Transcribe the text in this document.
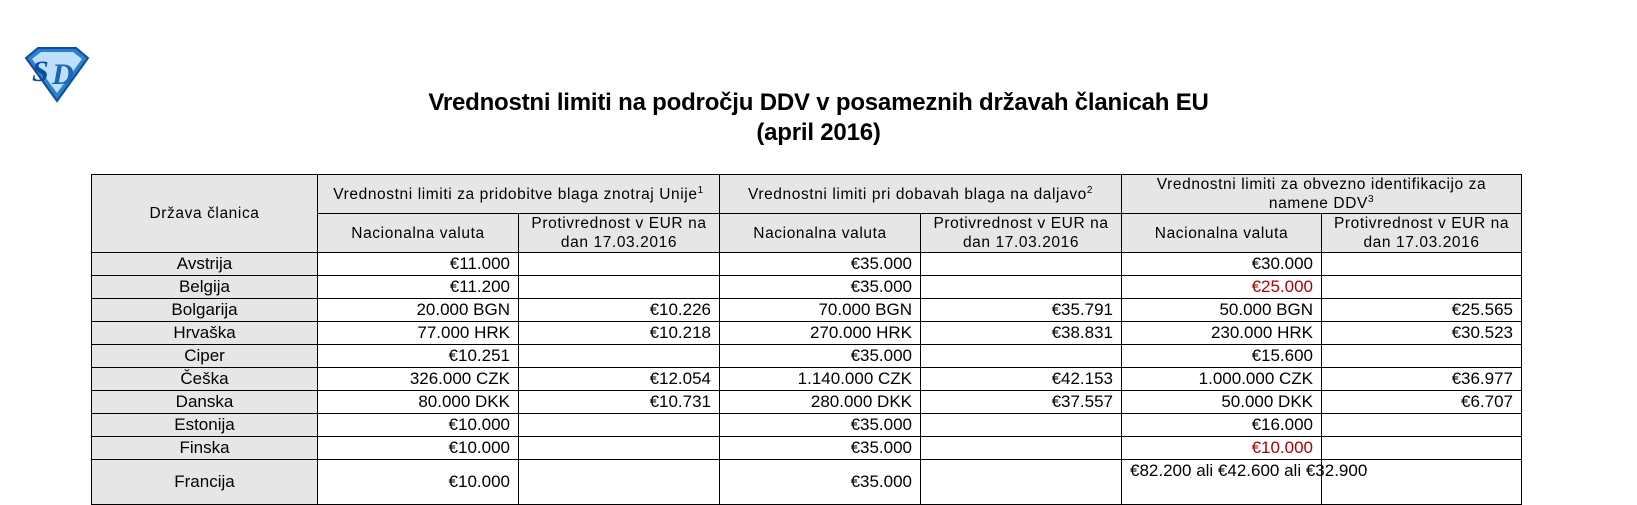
S D
Vrednostni limiti na področju DDV v posameznih državah članicah EU
(april 2016)
Država članica	Vrednostni limiti za pridobitve blaga znotraj Unije$^1$		Vrednostni limiti pri dobavah blaga na daljavo$^2$		Vrednostni limiti za obvezno identifikacijo za namene DDV$^3$
	Nacionalna valuta	Protivrednost v EUR na dan 17.03.2016	Nacionalna valuta	Protivrednost v EUR na dan 17.03.2016	Nacionalna valuta	Protivrednost v EUR na dan 17.03.2016
Avstrija	€11.000		€35.000		€30.000	
Belgija	€11.200		€35.000		€25.000	
Bolgarija	20.000 BGN	€10.226	70.000 BGN	€35.791	50.000 BGN	€25.565
Hrvaška	77.000 HRK	€10.218	270.000 HRK	€38.831	230.000 HRK	€30.523
Ciper	€10.251		€35.000		€15.600	
Češka	326.000 CZK	€12.054	1.140.000 CZK	€42.153	1.000.000 CZK	€36.977
Danska	80.000 DKK	€10.731	280.000 DKK	€37.557	50.000 DKK	€6.707
Estonija	€10.000		€35.000		€16.000	
Finska	€10.000		€35.000		€10.000	
Francija	€10.000		€35.000		€82.200 ali €42.600 ali €32.900	
